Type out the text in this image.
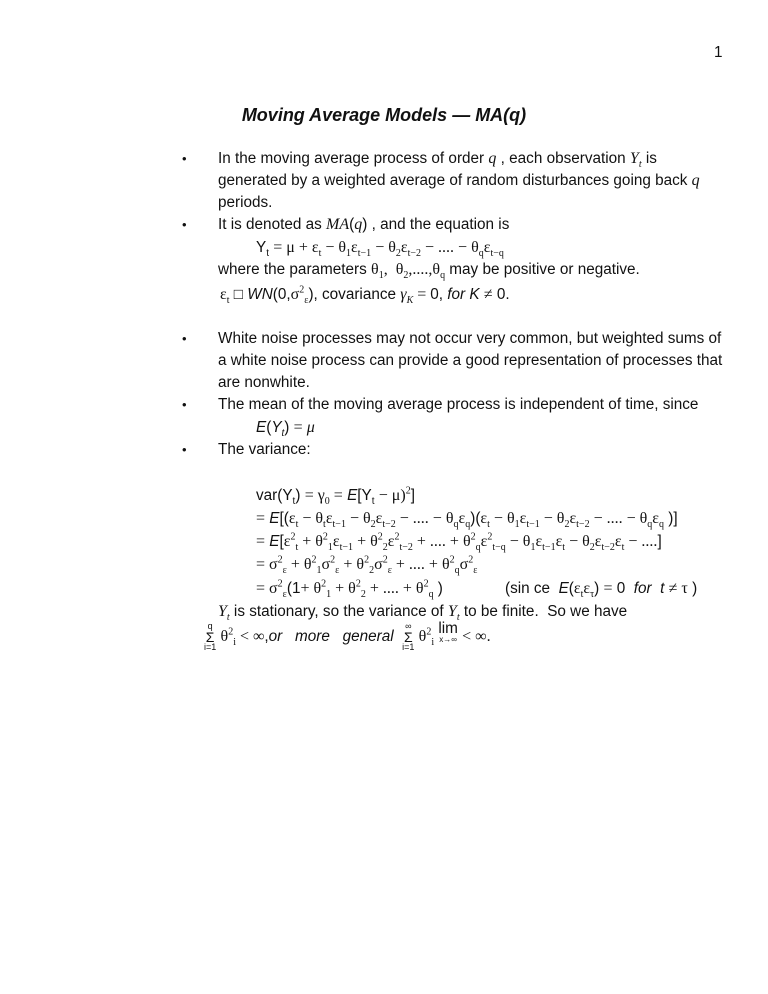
1
Moving Average Models — MA(q)
• In the moving average process of order q , each observation $Y_t$ is
generated by a weighted average of random disturbances going back q
periods.
• It is denoted as MA(q) , and the equation is
$Y_t = \mu + \varepsilon_t - \theta_1\varepsilon_{t-1} - \theta_2\varepsilon_{t-2}$ − .... − $\theta_q\varepsilon_{t-q}$
where the parameters $\theta_1$,  $\theta_2,....,\theta_q$ may be positive or negative.
$\varepsilon_t$ □ $WN(0,\sigma^2_\varepsilon)$, covariance $\gamma_K = 0$, for K ≠ 0.
• White noise processes may not occur very common, but weighted sums of
a white noise process can provide a good representation of processes that
are nonwhite.
• The mean of the moving average process is independent of time, since
$E(Y_t) = \mu$
• The variance:
$var(Y_t) = \gamma_0 = E[Y_t - \mu)^2$]
= $E[(\varepsilon_t - \theta_t\varepsilon_{t-1} - \theta_2\varepsilon_{t-2}$ − .... − $\theta_q\varepsilon_q)(\varepsilon_t - \theta_1\varepsilon_{t-1} - \theta_2\varepsilon_{t-2}$ − .... − $\theta_q\varepsilon_q$ )]
= $E[\varepsilon^2_t + \theta^2_1\varepsilon_{t-1} + \theta^2_2\varepsilon^2_{t-2}$ + .... + $\theta^2_q\varepsilon^2_{t-q} - \theta_1\varepsilon_{t-1}\varepsilon_t - \theta_2\varepsilon_{t-2}\varepsilon_t$ − ....]
= $\sigma^2_\varepsilon + \theta^2_1\sigma^2_\varepsilon + \theta^2_2\sigma^2_\varepsilon$ + .... + $\theta^2_q\sigma^2_\varepsilon$
= $\sigma^2_\varepsilon(1+ \theta^2_1 + \theta^2_2$ + .... + $\theta^2_q$ )	(sin ce  $E(\varepsilon_t\varepsilon_\tau) = 0$  for  t ≠ τ )
$Y_t$ is stationary, so the variance of $Y_t$ to be finite.  So we have
q
Σ
i=1 $\theta^2_i < \infty,or$   more   general  ∞
Σ
i=1 $\theta^2_i$ lim
x→∞ < ∞.
